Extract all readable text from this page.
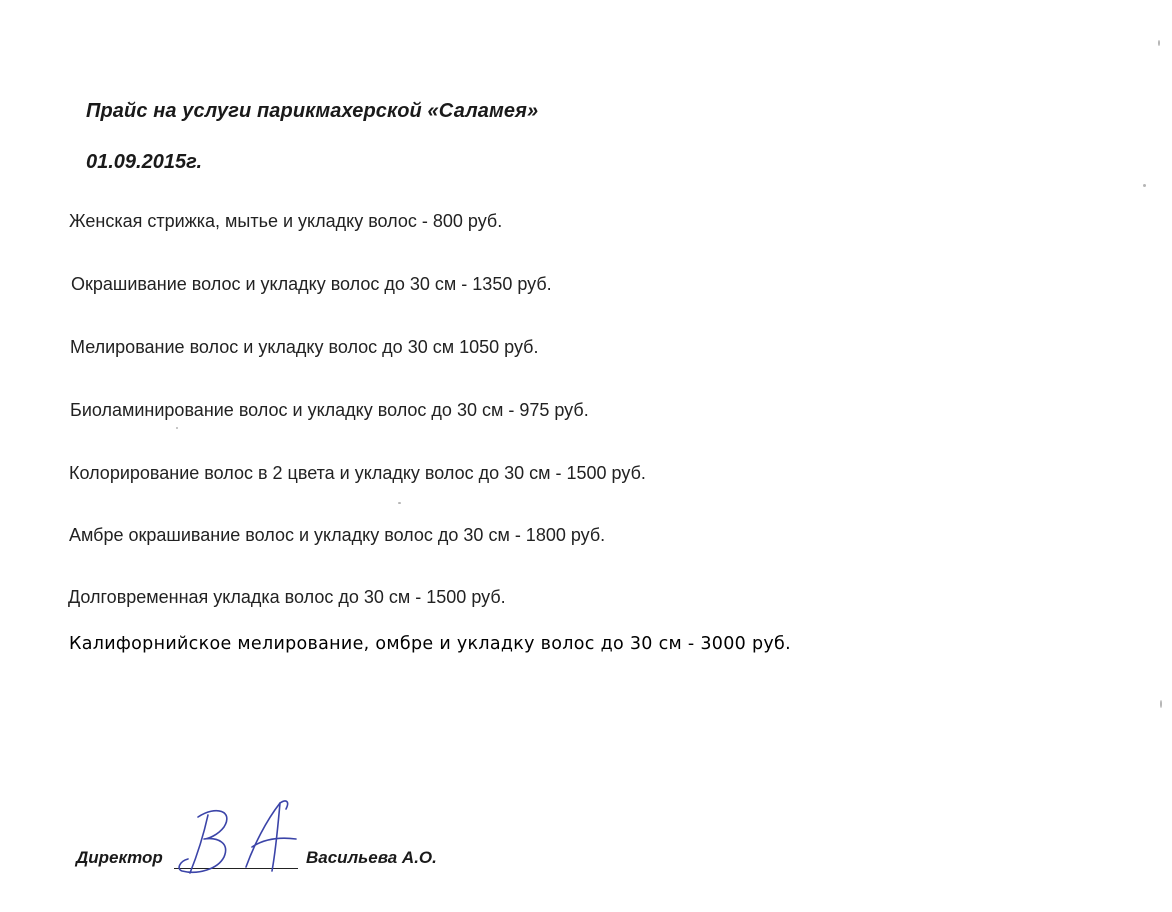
Прайс на услуги парикмахерской «Саламея»
01.09.2015г.
Женская стрижка, мытье и укладку волос - 800 руб.
Окрашивание волос и укладку волос до 30 см - 1350 руб.
Мелирование волос и укладку волос до 30 см 1050 руб.
Биоламинирование волос и укладку волос до 30 см - 975 руб.
Колорирование волос в 2 цвета и укладку волос до 30 см - 1500 руб.
Амбре окрашивание волос и укладку волос до 30 см - 1800 руб.
Долговременная укладка волос до 30 см - 1500 руб.
Калифорнийское мелирование, омбре и укладку волос до 30 см - 3000 руб.
Директор	Васильева А.О.
